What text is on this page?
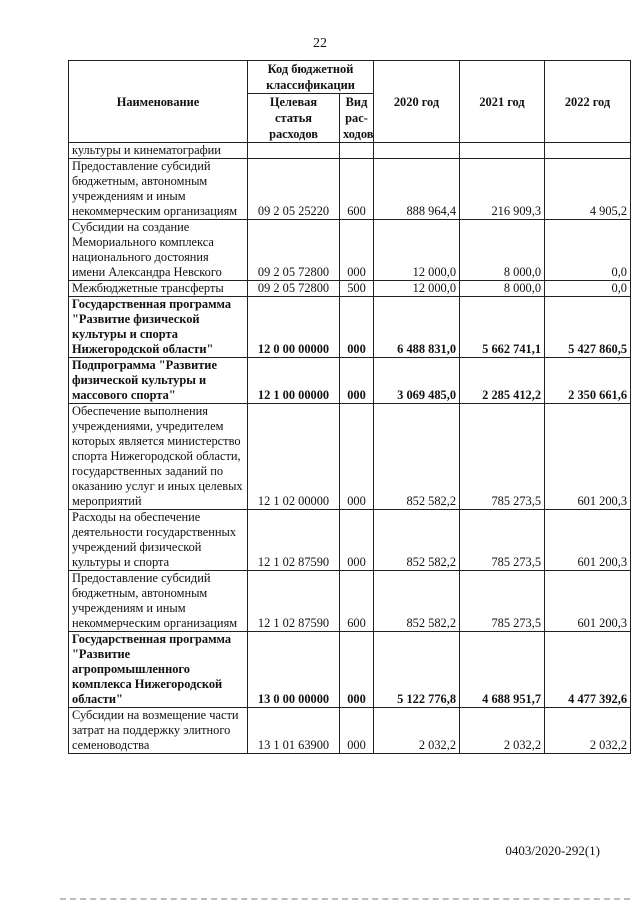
22
Наименование	Код бюджетной классификации		2020 год	2021 год	2022 год
	Целевая статья расходов	Вид рас-ходов			
культуры и кинематографии					
Предоставление субсидий бюджетным, автономным учреждениям и иным некоммерческим организациям	09 2 05 25220	600	888 964,4	216 909,3	4 905,2
Субсидии на создание Мемориального комплекса национального достояния имени Александра Невского	09 2 05 72800	000	12 000,0	8 000,0	0,0
Межбюджетные трансферты	09 2 05 72800	500	12 000,0	8 000,0	0,0
Государственная программа "Развитие физической культуры и спорта Нижегородской области"	12 0 00 00000	000	6 488 831,0	5 662 741,1	5 427 860,5
Подпрограмма "Развитие физической культуры и массового спорта"	12 1 00 00000	000	3 069 485,0	2 285 412,2	2 350 661,6
Обеспечение выполнения учреждениями, учредителем которых является министерство спорта Нижегородской области, государственных заданий по оказанию услуг и иных целевых мероприятий	12 1 02 00000	000	852 582,2	785 273,5	601 200,3
Расходы на обеспечение деятельности государственных учреждений физической культуры и спорта	12 1 02 87590	000	852 582,2	785 273,5	601 200,3
Предоставление субсидий бюджетным, автономным учреждениям и иным некоммерческим организациям	12 1 02 87590	600	852 582,2	785 273,5	601 200,3
Государственная программа "Развитие агропромышленного комплекса Нижегородской области"	13 0 00 00000	000	5 122 776,8	4 688 951,7	4 477 392,6
Субсидии на возмещение части затрат на поддержку элитного семеноводства	13 1 01 63900	000	2 032,2	2 032,2	2 032,2
0403/2020-292(1)
